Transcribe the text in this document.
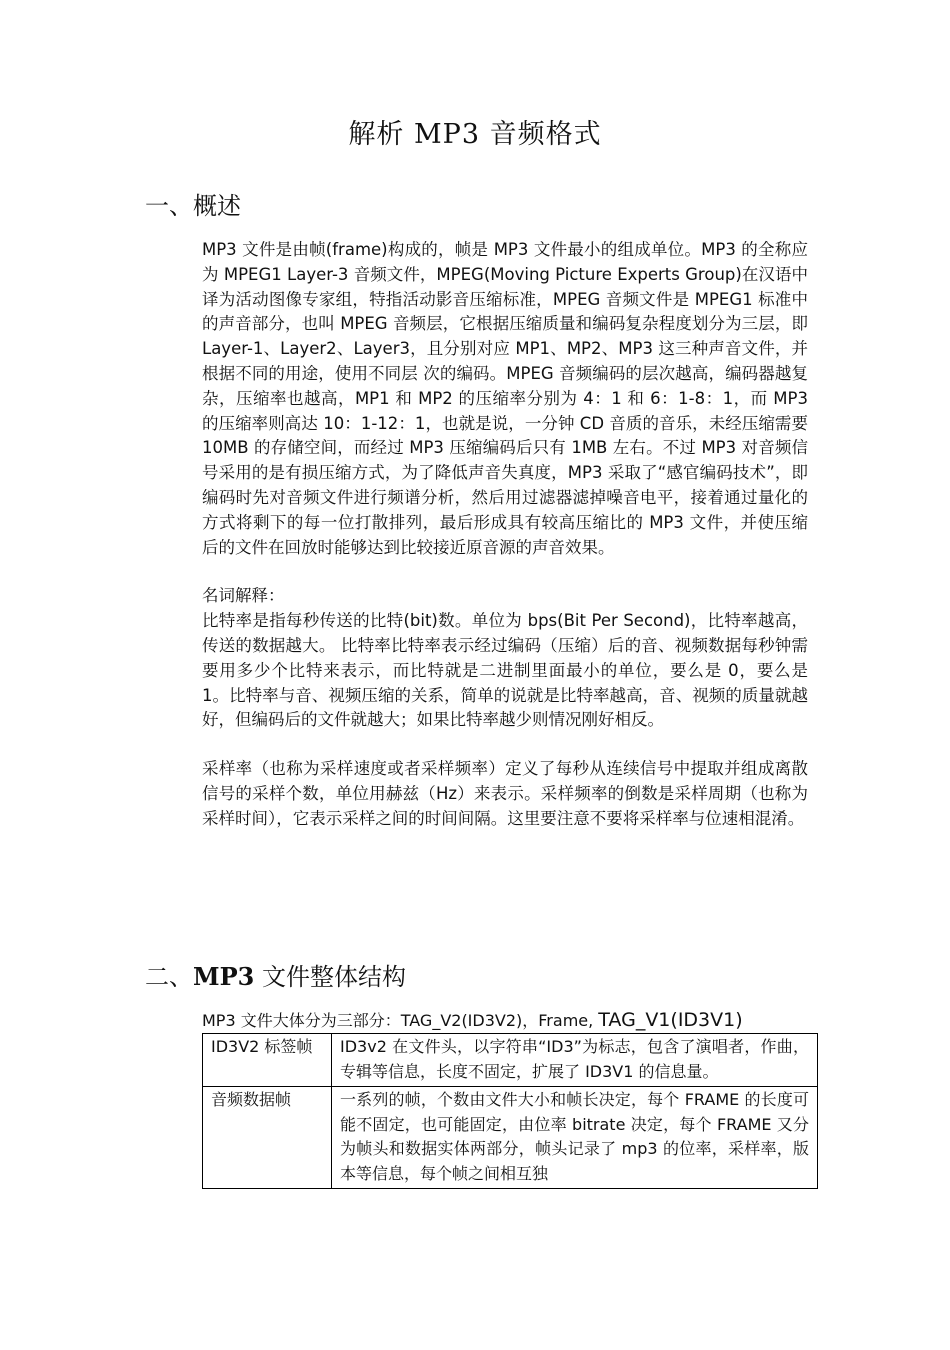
解析 MP3 音频格式
一、概述
MP3 文件是由帧(frame)构成的，帧是 MP3 文件最小的组成单位。MP3 的全称应为 MPEG1 Layer-3 音频文件，MPEG(Moving Picture Experts Group)在汉语中译为活动图像专家组，特指活动影音压缩标准，MPEG 音频文件是 MPEG1 标准中的声音部分，也叫 MPEG 音频层，它根据压缩质量和编码复杂程度划分为三层，即 Layer-1、Layer2、Layer3，且分别对应 MP1、MP2、MP3 这三种声音文件，并根据不同的用途，使用不同层 次的编码。MPEG 音频编码的层次越高，编码器越复杂，压缩率也越高，MP1 和 MP2 的压缩率分别为 4：1 和 6：1-8：1，而 MP3 的压缩率则高达 10：1-12：1，也就是说，一分钟 CD 音质的音乐，未经压缩需要 10MB 的存储空间，而经过 MP3 压缩编码后只有 1MB 左右。不过 MP3 对音频信号采用的是有损压缩方式，为了降低声音失真度，MP3 采取了“感官编码技术”，即编码时先对音频文件进行频谱分析，然后用过滤器滤掉噪音电平，接着通过量化的方式将剩下的每一位打散排列，最后形成具有较高压缩比的 MP3 文件，并使压缩后的文件在回放时能够达到比较接近原音源的声音效果。
名词解释：
比特率是指每秒传送的比特(bit)数。单位为 bps(Bit Per Second)，比特率越高，传送的数据越大。 比特率比特率表示经过编码（压缩）后的音、视频数据每秒钟需要用多少个比特来表示，而比特就是二进制里面最小的单位，要么是 0，要么是 1。比特率与音、视频压缩的关系，简单的说就是比特率越高，音、视频的质量就越好，但编码后的文件就越大；如果比特率越少则情况刚好相反。
采样率（也称为采样速度或者采样频率）定义了每秒从连续信号中提取并组成离散信号的采样个数，单位用赫兹（Hz）来表示。采样频率的倒数是采样周期（也称为采样时间），它表示采样之间的时间间隔。这里要注意不要将采样率与位速相混淆。
二、MP3 文件整体结构
MP3 文件大体分为三部分：TAG_V2(ID3V2)，Frame, TAG_V1(ID3V1)
ID3V2 标签帧	ID3v2 在文件头，以字符串“ID3”为标志，包含了演唱者，作曲，专辑等信息，长度不固定，扩展了 ID3V1 的信息量。
音频数据帧	一系列的帧，个数由文件大小和帧长决定，每个 FRAME 的长度可能不固定，也可能固定，由位率 bitrate 决定，每个 FRAME 又分为帧头和数据实体两部分，帧头记录了 mp3 的位率，采样率，版本等信息，每个帧之间相互独
